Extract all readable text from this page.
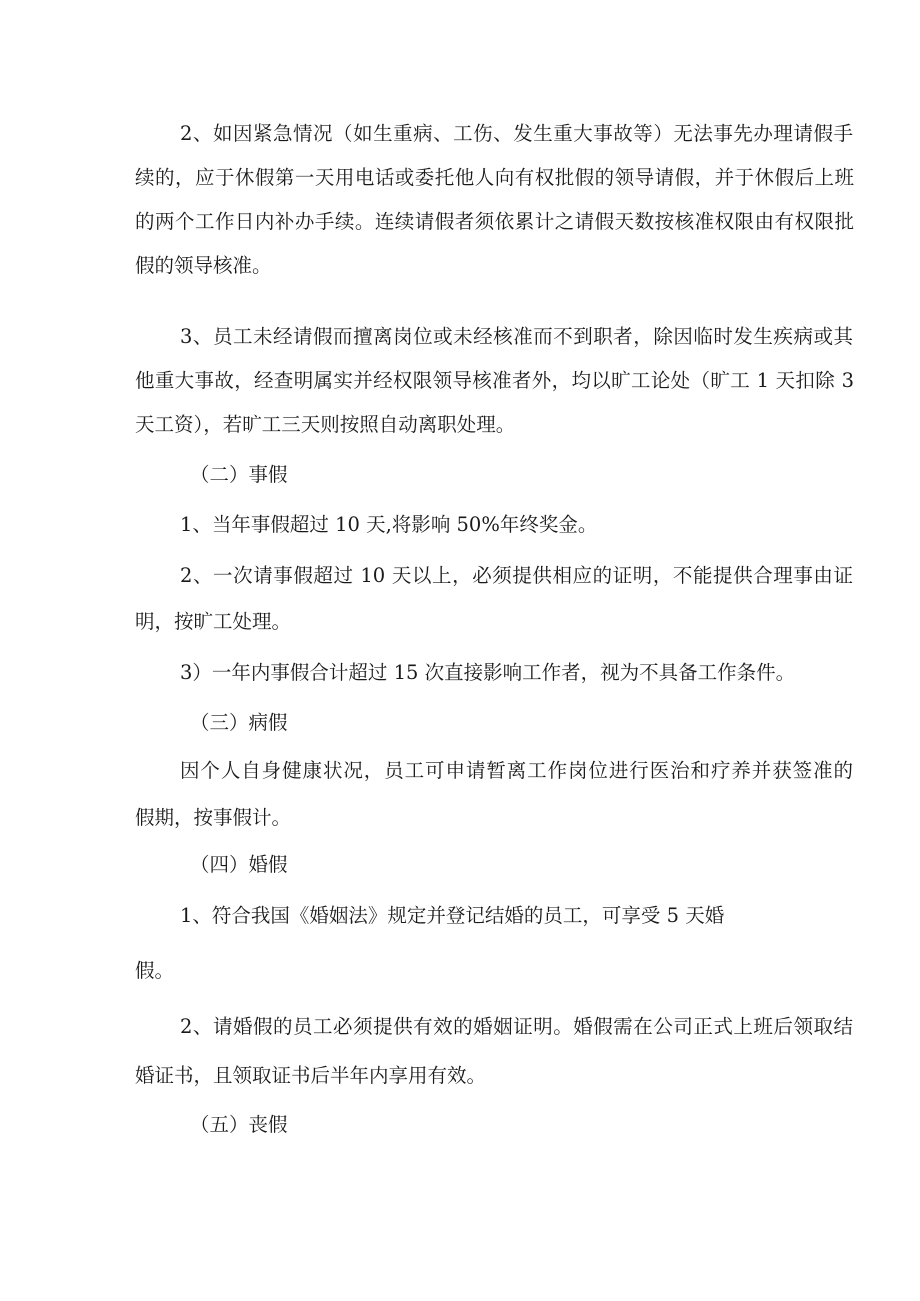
2、如因紧急情况（如生重病、工伤、发生重大事故等）无法事先办理请假手
续的，应于休假第一天用电话或委托他人向有权批假的领导请假，并于休假后上班
的两个工作日内补办手续。连续请假者须依累计之请假天数按核准权限由有权限批
假的领导核准。
3、员工未经请假而擅离岗位或未经核准而不到职者，除因临时发生疾病或其
他重大事故，经查明属实并经权限领导核准者外，均以旷工论处（旷工 1 天扣除 3
天工资），若旷工三天则按照自动离职处理。
（二）事假
1、当年事假超过 10 天,将影响 50%年终奖金。
2、一次请事假超过 10 天以上，必须提供相应的证明，不能提供合理事由证
明，按旷工处理。
3）一年内事假合计超过 15 次直接影响工作者，视为不具备工作条件。
（三）病假
因个人自身健康状况，员工可申请暂离工作岗位进行医治和疗养并获签准的
假期，按事假计。
（四）婚假
1、符合我国《婚姻法》规定并登记结婚的员工，可享受 5 天婚
假。
2、请婚假的员工必须提供有效的婚姻证明。婚假需在公司正式上班后领取结
婚证书，且领取证书后半年内享用有效。
（五）丧假
